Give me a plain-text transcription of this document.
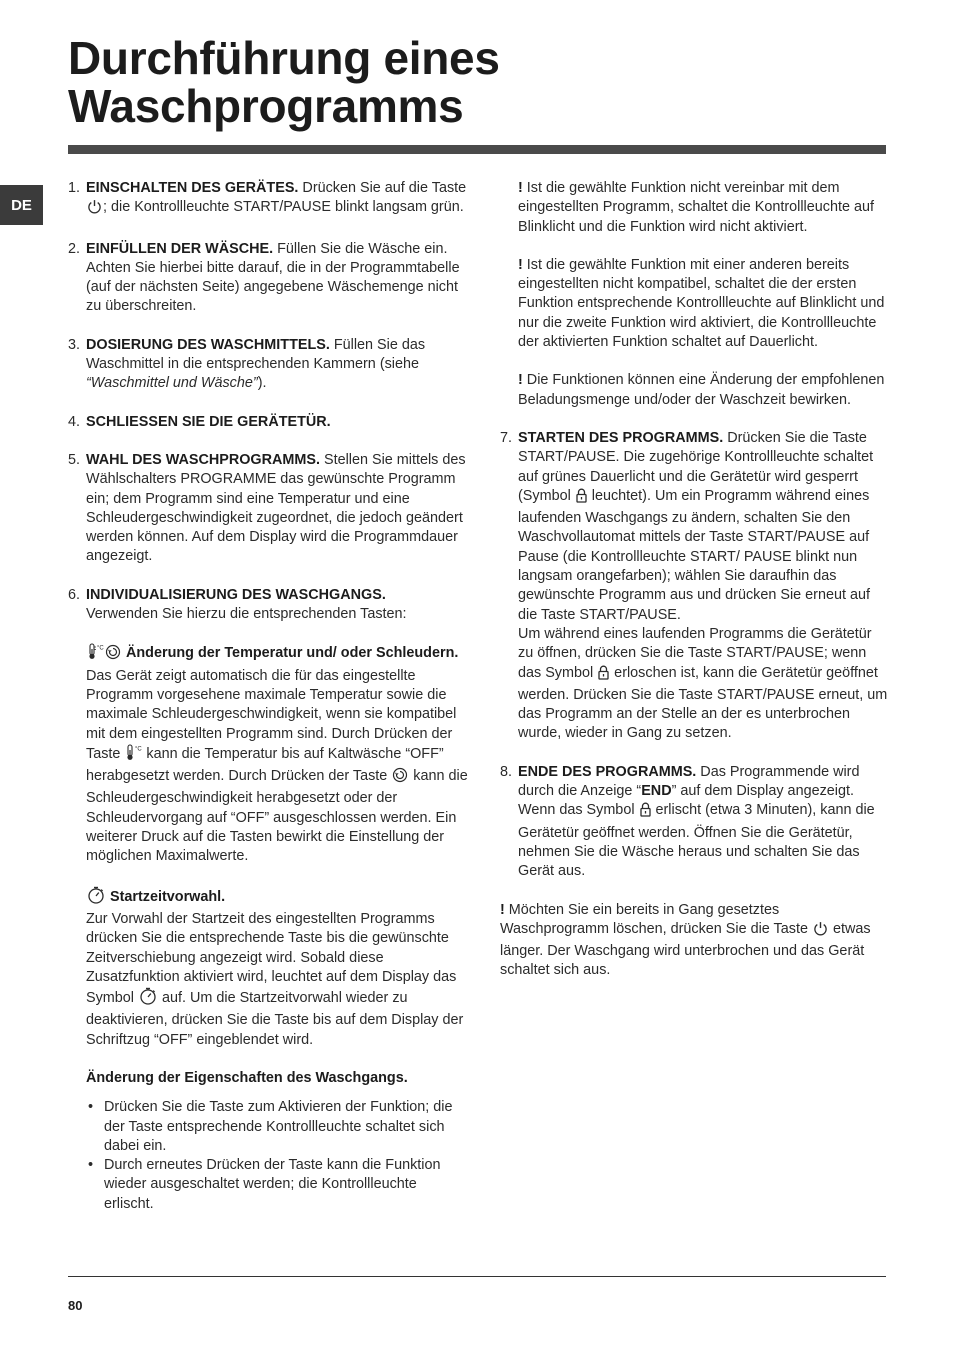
Durchführung eines Waschprogramms
DE
1. EINSCHALTEN DES GERÄTES. Drücken Sie auf die Taste ; die Kontrollleuchte START/PAUSE blinkt langsam grün.
2. EINFÜLLEN DER WÄSCHE. Füllen Sie die Wäsche ein. Achten Sie hierbei bitte darauf, die in der Programmtabelle (auf der nächsten Seite) angegebene Wäschemenge nicht zu überschreiten.
3. DOSIERUNG DES WASCHMITTELS. Füllen Sie das Waschmittel in die entsprechenden Kammern (siehe “Waschmittel und Wäsche”).
4. SCHLIESSEN SIE DIE GERÄTETÜR.
5. WAHL DES WASCHPROGRAMMS. Stellen Sie mittels des Wählschalters PROGRAMME das gewünschte Programm ein; dem Programm sind eine Temperatur und eine Schleudergeschwindigkeit zugeordnet, die jedoch geändert werden können. Auf dem Display wird die Programmdauer angezeigt.
6. INDIVIDUALISIERUNG DES WASCHGANGS.
Verwenden Sie hierzu die entsprechenden Tasten:
°C Änderung der Temperatur und/ oder Schleudern. Das Gerät zeigt automatisch die für das eingestellte Programm vorgesehene maximale Temperatur sowie die maximale Schleudergeschwindigkeit, wenn sie kompatibel mit dem eingestellten Programm sind. Durch Drücken der Taste °C kann die Temperatur bis auf Kaltwäsche “OFF” herabgesetzt werden. Durch Drücken der Taste  kann die Schleudergeschwindigkeit herabgesetzt oder der Schleudervorgang auf “OFF” ausgeschlossen werden. Ein weiterer Druck auf die Tasten bewirkt die Einstellung der möglichen Maximalwerte.
Startzeitvorwahl.
Zur Vorwahl der Startzeit des eingestellten Programms drücken Sie die entsprechende Taste bis die gewünschte Zeitverschiebung angezeigt wird. Sobald diese Zusatzfunktion aktiviert wird, leuchtet auf dem Display das Symbol  auf. Um die Startzeitvorwahl wieder zu deaktivieren, drücken Sie die Taste bis auf dem Display der Schriftzug “OFF” eingeblendet wird.
Änderung der Eigenschaften des Waschgangs.
• Drücken Sie die Taste zum Aktivieren der Funktion; die der Taste entsprechende Kontrollleuchte schaltet sich dabei ein.
• Durch erneutes Drücken der Taste kann die Funktion wieder ausgeschaltet werden; die Kontrollleuchte erlischt.
! Ist die gewählte Funktion nicht vereinbar mit dem eingestellten Programm, schaltet die Kontrollleuchte auf Blinklicht und die Funktion wird nicht aktiviert.
! Ist die gewählte Funktion mit einer anderen bereits eingestellten nicht kompatibel, schaltet die der ersten Funktion entsprechende Kontrollleuchte auf Blinklicht und nur die zweite Funktion wird aktiviert, die Kontrollleuchte der aktivierten Funktion schaltet auf Dauerlicht.
! Die Funktionen können eine Änderung der empfohlenen Beladungsmenge und/oder der Waschzeit bewirken.
7. STARTEN DES PROGRAMMS. Drücken Sie die Taste START/PAUSE. Die zugehörige Kontrollleuchte schaltet auf grünes Dauerlicht und die Gerätetür wird gesperrt (Symbol  leuchtet). Um ein Programm während eines laufenden Waschgangs zu ändern, schalten Sie den Waschvollautomat mittels der Taste START/PAUSE auf Pause (die Kontrollleuchte START/ PAUSE blinkt nun langsam orangefarben); wählen Sie daraufhin das gewünschte Programm aus und drücken Sie erneut auf die Taste START/PAUSE.
Um während eines laufenden Programms die Gerätetür zu öffnen, drücken Sie die Taste START/PAUSE; wenn das Symbol  erloschen ist, kann die Gerätetür geöffnet werden. Drücken Sie die Taste START/PAUSE erneut, um das Programm an der Stelle an der es unterbrochen wurde, wieder in Gang zu setzen.
8. ENDE DES PROGRAMMS. Das Programmende wird durch die Anzeige “END” auf dem Display angezeigt. Wenn das Symbol  erlischt (etwa 3 Minuten), kann die Gerätetür geöffnet werden. Öffnen Sie die Gerätetür, nehmen Sie die Wäsche heraus und schalten Sie das Gerät aus.
! Möchten Sie ein bereits in Gang gesetztes Waschprogramm löschen, drücken Sie die Taste  etwas länger. Der Waschgang wird unterbrochen und das Gerät schaltet sich aus.
80
